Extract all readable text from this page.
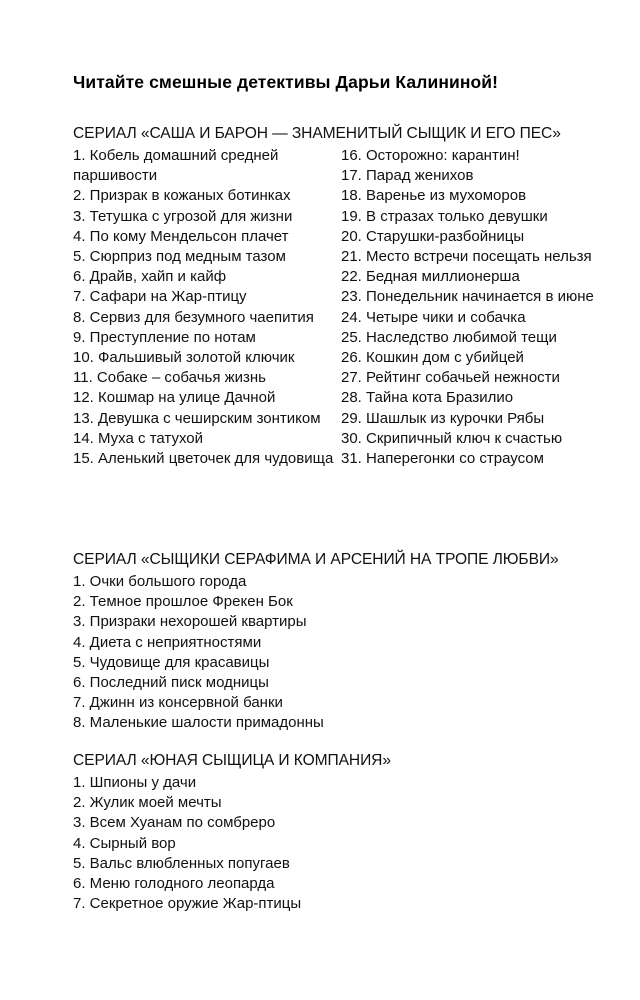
Читайте смешные детективы Дарьи Калининой!
СЕРИАЛ «САША И БАРОН — ЗНАМЕНИТЫЙ СЫЩИК И ЕГО ПЕС»
1. Кобель домашний средней паршивости
2. Призрак в кожаных ботинках
3. Тетушка с угрозой для жизни
4. По кому Мендельсон плачет
5. Сюрприз под медным тазом
6. Драйв, хайп и кайф
7. Сафари на Жар-птицу
8. Сервиз для безумного чаепития
9. Преступление по нотам
10. Фальшивый золотой ключик
11. Собаке – собачья жизнь
12. Кошмар на улице Дачной
13. Девушка с чеширским зонтиком
14. Муха с татухой
15. Аленький цветочек для чудовища
16. Осторожно: карантин!
17. Парад женихов
18. Варенье из мухоморов
19. В стразах только девушки
20. Старушки-разбойницы
21. Место встречи посещать нельзя
22. Бедная миллионерша
23. Понедельник начинается в июне
24. Четыре чики и собачка
25. Наследство любимой тещи
26. Кошкин дом с убийцей
27. Рейтинг собачьей нежности
28. Тайна кота Бразилио
29. Шашлык из курочки Рябы
30. Скрипичный ключ к счастью
31. Наперегонки со страусом
СЕРИАЛ «СЫЩИКИ СЕРАФИМА И АРСЕНИЙ НА ТРОПЕ ЛЮБВИ»
1. Очки большого города
2. Темное прошлое Фрекен Бок
3. Призраки нехорошей квартиры
4. Диета с неприятностями
5. Чудовище для красавицы
6. Последний писк модницы
7. Джинн из консервной банки
8. Маленькие шалости примадонны
СЕРИАЛ «ЮНАЯ СЫЩИЦА И КОМПАНИЯ»
1. Шпионы у дачи
2. Жулик моей мечты
3. Всем Хуанам по сомбреро
4. Сырный вор
5. Вальс влюбленных попугаев
6. Меню голодного леопарда
7. Секретное оружие Жар-птицы
